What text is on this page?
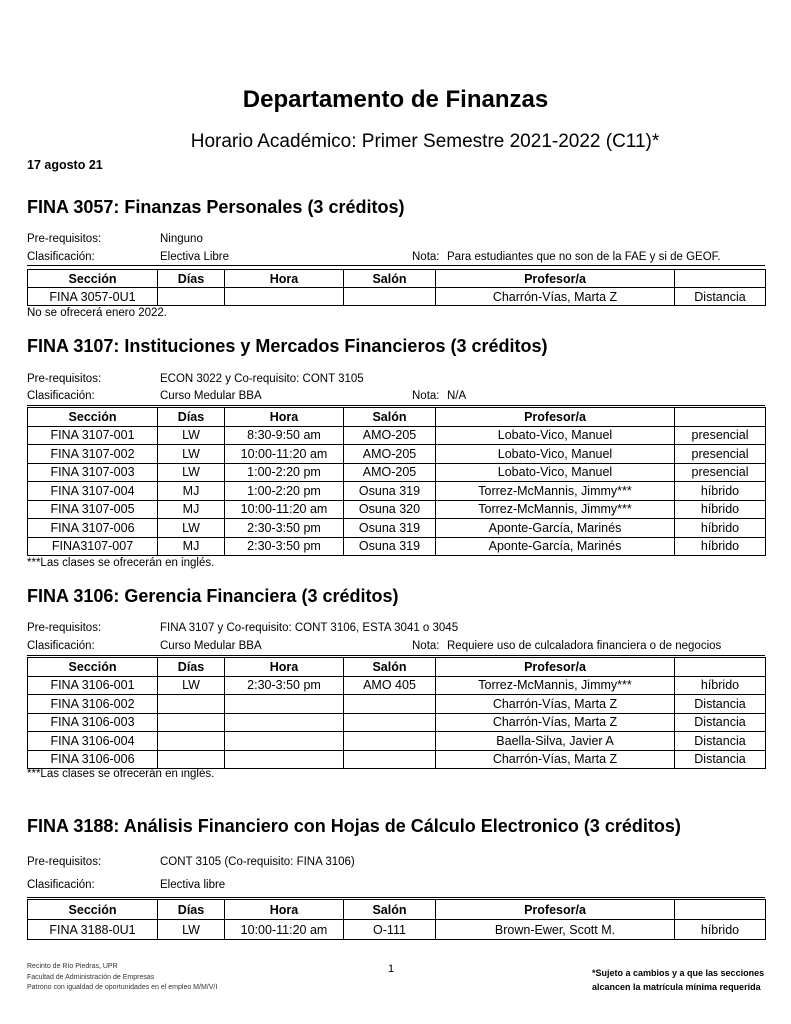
Departamento de Finanzas
Horario Académico: Primer Semestre 2021-2022 (C11)*
17 agosto 21
FINA 3057: Finanzas Personales (3 créditos)
Pre-requisitos:	Ninguno
Clasificación:	Electiva Libre	Nota: Para estudiantes que no son de la FAE y si de GEOF.
Sección	Días	Hora	Salón	Profesor/a	
FINA 3057-0U1				Charrón-Vías, Marta Z	Distancia
No se ofrecerá enero 2022.
FINA 3107: Instituciones y Mercados Financieros (3 créditos)
Pre-requisitos:	ECON 3022 y Co-requisito: CONT 3105
Clasificación:	Curso Medular BBA	Nota: N/A
Sección	Días	Hora	Salón	Profesor/a	
FINA 3107-001	LW	8:30-9:50 am	AMO-205	Lobato-Vico, Manuel	presencial
FINA 3107-002	LW	10:00-11:20 am	AMO-205	Lobato-Vico, Manuel	presencial
FINA 3107-003	LW	1:00-2:20 pm	AMO-205	Lobato-Vico, Manuel	presencial
FINA 3107-004	MJ	1:00-2:20 pm	Osuna 319	Torrez-McMannis, Jimmy***	híbrido
FINA 3107-005	MJ	10:00-11:20 am	Osuna 320	Torrez-McMannis, Jimmy***	híbrido
FINA 3107-006	LW	2:30-3:50 pm	Osuna 319	Aponte-García, Marinés	híbrido
FINA3107-007	MJ	2:30-3:50 pm	Osuna 319	Aponte-García, Marinés	híbrido
***Las clases se ofrecerán en inglés.
FINA 3106: Gerencia Financiera (3 créditos)
Pre-requisitos:	FINA 3107 y Co-requisito: CONT 3106, ESTA 3041 o 3045
Clasificación:	Curso Medular BBA	Nota: Requiere uso de culcaladora financiera o de negocios
Sección	Días	Hora	Salón	Profesor/a	
FINA 3106-001	LW	2:30-3:50 pm	AMO 405	Torrez-McMannis, Jimmy***	híbrido
FINA 3106-002				Charrón-Vías, Marta Z	Distancia
FINA 3106-003				Charrón-Vías, Marta Z	Distancia
FINA 3106-004				Baella-Silva, Javier A	Distancia
FINA 3106-006				Charrón-Vías, Marta Z	Distancia
***Las clases se ofrecerán en inglés.
FINA 3188: Análisis Financiero con Hojas de Cálculo Electronico (3 créditos)
Pre-requisitos:	CONT 3105 (Co-requisito: FINA 3106)
Clasificación:	Electiva libre
Sección	Días	Hora	Salón	Profesor/a	
FINA 3188-0U1	LW	10:00-11:20 am	O-111	Brown-Ewer, Scott M.	híbrido
Recinto de Río Piedras, UPR
Facultad de Administración de Empresas
Patrono con igualdad de oportunidades en el empleo M/M/V/I
1	*Sujeto a cambios y a que las secciones
alcancen la matrícula mínima requerida
